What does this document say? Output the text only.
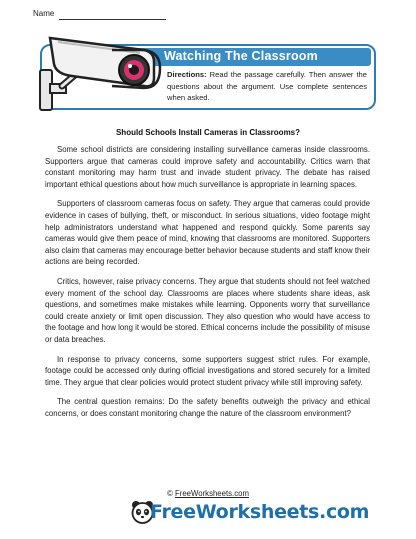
Name
Watching The Classroom
Directions: Read the passage carefully. Then answer the questions about the argument. Use complete sentences when asked.
Should Schools Install Cameras in Classrooms?

Some school districts are considering installing surveillance cameras inside classrooms. Supporters argue that cameras could improve safety and accountability. Critics warn that constant monitoring may harm trust and invade student privacy. The debate has raised important ethical questions about how much surveillance is appropriate in learning spaces.

Supporters of classroom cameras focus on safety. They argue that cameras could provide evidence in cases of bullying, theft, or misconduct. In serious situations, video footage might help administrators understand what happened and respond quickly. Some parents say cameras would give them peace of mind, knowing that classrooms are monitored. Supporters also claim that cameras may encourage better behavior because students and staff know their actions are being recorded.

Critics, however, raise privacy concerns. They argue that students should not feel watched every moment of the school day. Classrooms are places where students share ideas, ask questions, and sometimes make mistakes while learning. Opponents worry that surveillance could create anxiety or limit open discussion. They also question who would have access to the footage and how long it would be stored. Ethical concerns include the possibility of misuse or data breaches.

In response to privacy concerns, some supporters suggest strict rules. For example, footage could be accessed only during official investigations and stored securely for a limited time. They argue that clear policies would protect student privacy while still improving safety.

The central question remains: Do the safety benefits outweigh the privacy and ethical concerns, or does constant monitoring change the nature of the classroom environment?

© FreeWorksheets.com
FreeWorksheets.com
